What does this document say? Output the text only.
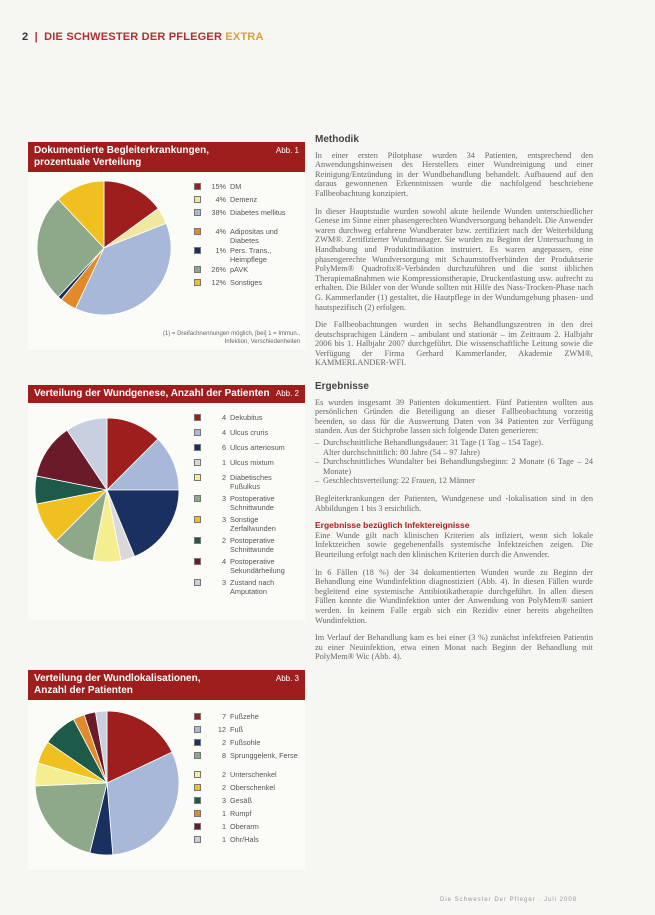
2 | DIE SCHWESTER DER PFLEGER EXTRA
Dokumentierte Begleiterkrankungen, prozentuale Verteilung
Abb. 1
15% DM
4% Demenz
38% Diabetes mellitus
4% Adipositas und Diabetes
1% Pers. Trans., Heimpflege
26% pAVK
12% Sonstiges
(1) = Dreifachnennungen möglich, [bei] 1 = Immun., Infektion, Verschiedenheiten
Verteilung der Wundgenese, Anzahl der Patienten Abb. 2
4 Dekubitus
4 Ulcus cruris
6 Ulcus arteriosum
1 Ulcus mixtum
2 Diabetisches Fußulkus
3 Postoperative Schnittwunde
3 Sonstige Zerfallwunden
2 Postoperative Schnittwunde
4 Postoperative Sekundärheilung
3 Zustand nach Amputation
Verteilung der Wundlokalisationen, Anzahl der Patienten
Abb. 3
7 Fußzehe
12 Fuß
2 Fußsohle
8 Sprunggelenk, Ferse
2 Unterschenkel
2 Oberschenkel
3 Gesäß
1 Rumpf
1 Oberarm
1 Ohr/Hals
Methodik

In einer ersten Pilotphase wurden 34 Patienten, entsprechend den Anwendungshinweisen des Herstellers einer Wundreinigung und einer Reinigung/Entzündung in der Wundbehandlung behandelt. Aufbauend auf den daraus gewonnenen Erkenntnissen wurde die nachfolgend beschriebene Fallbeobachtung konzipiert.

In dieser Hauptstudie wurden sowohl akute heilende Wunden unterschiedlicher Genese im Sinne einer phasengerechten Wundversorgung behandelt. Die Anwender waren durchweg erfahrene Wundberater bzw. zertifiziert nach der Weiterbildung ZWM®. Zertifizierter Wundmanager. Sie wurden zu Beginn der Untersuchung in Handhabung und Produktindikation instruiert. Es waren angepassen, eine phasengerechte Wundversorgung mit Schaumstoffverbänden der Produktserie PolyMem® Quadrofix®-Verbänden durchzuführen und die sonst üblichen Therapiemaßnahmen wie Kompressionstherapie, Druckentlastung usw. aufrecht zu erhalten. Die Bilder von der Wunde sollten mit Hilfe des Nass-Trocken-Phase nach G. Kammerlander (1) gestaltet, die Hautpflege in der Wundumgebung phasen- und hautspezifisch (2) erfolgen.

Die Fallbeobachtungen wurden in sechs Behandlungszentren in den drei deutschsprachigen Ländern – ambulant und stationär – im Zeitraum 2. Halbjahr 2006 bis 1. Halbjahr 2007 durchgeführt. Die wissenschaftliche Leitung sowie die Verfügung der Firma Gerhard Kammerlander, Akademie ZWM®, KAMMERLANDER-WFI.

Ergebnisse

Es wurden insgesamt 39 Patienten dokumentiert. Fünf Patienten wollten aus persönlichen Gründen die Beteiligung an dieser Fallbeobachtung vorzeitig beenden, so dass für die Auswertung Daten von 34 Patienten zur Verfügung standen. Aus der Stichprobe lassen sich folgende Daten generieren:

– Durchschnittliche Behandlungsdauer: 31 Tage (1 Tag – 154 Tage).
Alter durchschnittlich: 80 Jahre (54 – 97 Jahre)
– Durchschnittliches Wundalter bei Behandlungsbeginn: 2 Monate (6 Tage – 24 Monate)
– Geschlechtsverteilung: 22 Frauen, 12 Männer

Begleiterkrankungen der Patienten, Wundgenese und -lokalisation sind in den Abbildungen 1 bis 3 ersichtlich.

Ergebnisse bezüglich Infektereignisse

Eine Wunde gilt nach klinischen Kriterien als infiziert, wenn sich lokale Infektzeichen sowie gegebenenfalls systemische Infektzeichen zeigen. Die Beurteilung erfolgt nach den klinischen Kriterien durch die Anwender.

In 6 Fällen (18 %) der 34 dokumentierten Wunden wurde zu Beginn der Behandlung eine Wundinfektion diagnostiziert (Abb. 4). In diesen Fällen wurde begleitend eine systemische Antibiotikatherapie durchgeführt. In allen diesen Fällen konnte die Wundinfektion unter der Anwendung von PolyMem® saniert werden. In keinem Falle ergab sich ein Rezidiv einer bereits abgeheilten Wundinfektion.

Im Verlauf der Behandlung kam es bei einer (3 %) zunächst infektfreien Patientin zu einer Neuinfektion, etwa einen Monat nach Beginn der Behandlung mit PolyMem® Wic (Abb. 4).

Die Schwester Der Pfleger · Juli 2008
